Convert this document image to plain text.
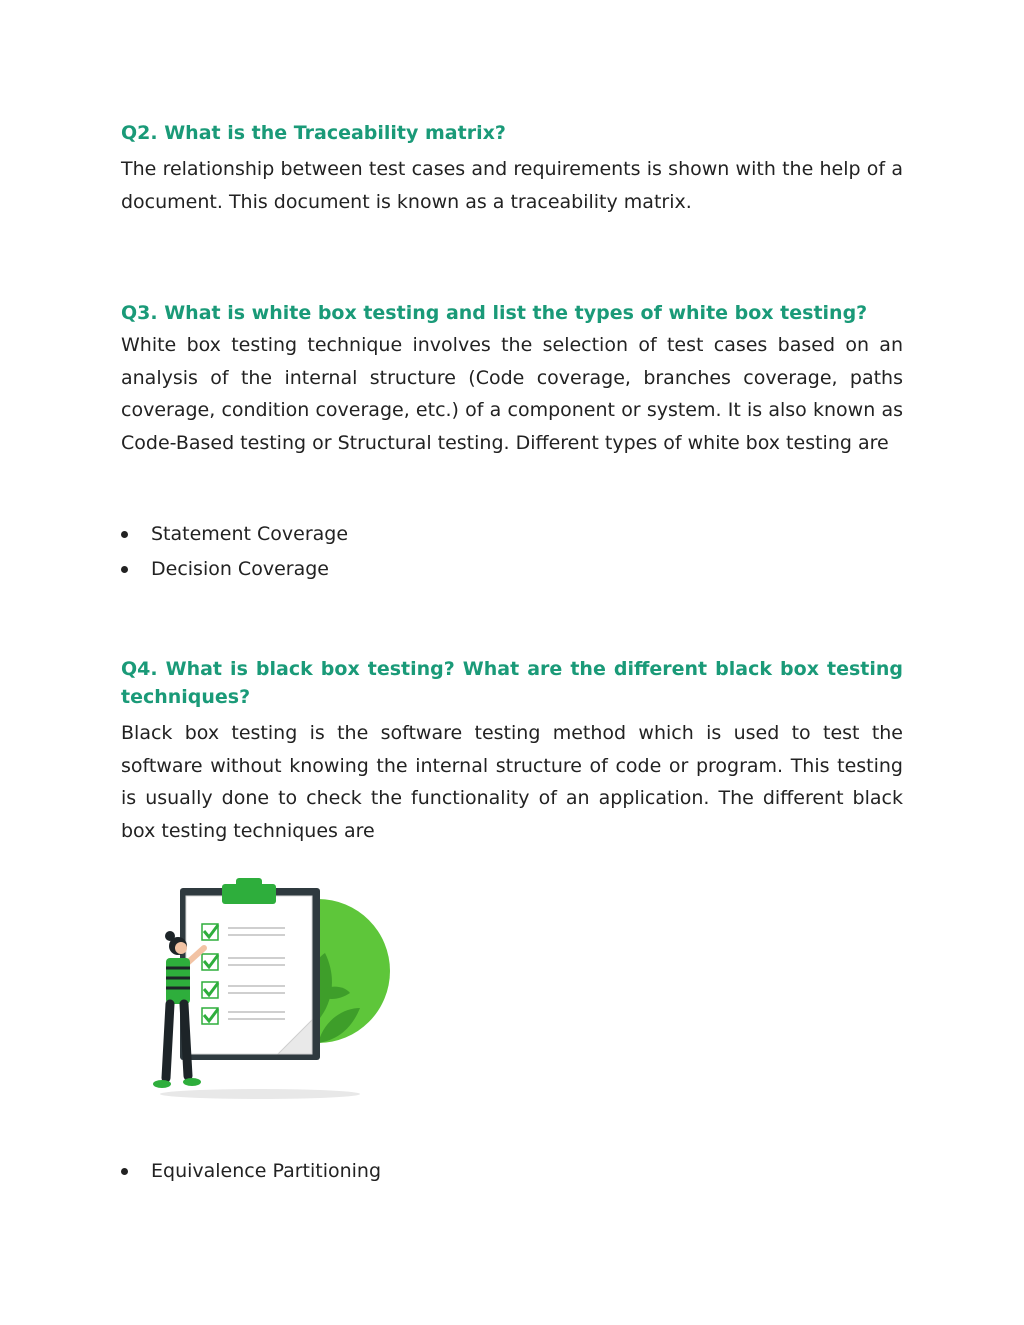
Q2. What is the Traceability matrix?

The relationship between test cases and requirements is shown with the help of a document. This document is known as a traceability matrix.

Q3. What is white box testing and list the types of white box testing?

White box testing technique involves the selection of test cases based on an analysis of the internal structure (Code coverage, branches coverage, paths coverage, condition coverage, etc.) of a component or system. It is also known as Code-Based testing or Structural testing. Different types of white box testing are

Statement Coverage
Decision Coverage
Q4. What is black box testing? What are the different black box testing techniques?

Black box testing is the software testing method which is used to test the software without knowing the internal structure of code or program. This testing is usually done to check the functionality of an application. The different black box testing techniques are

Equivalence Partitioning
